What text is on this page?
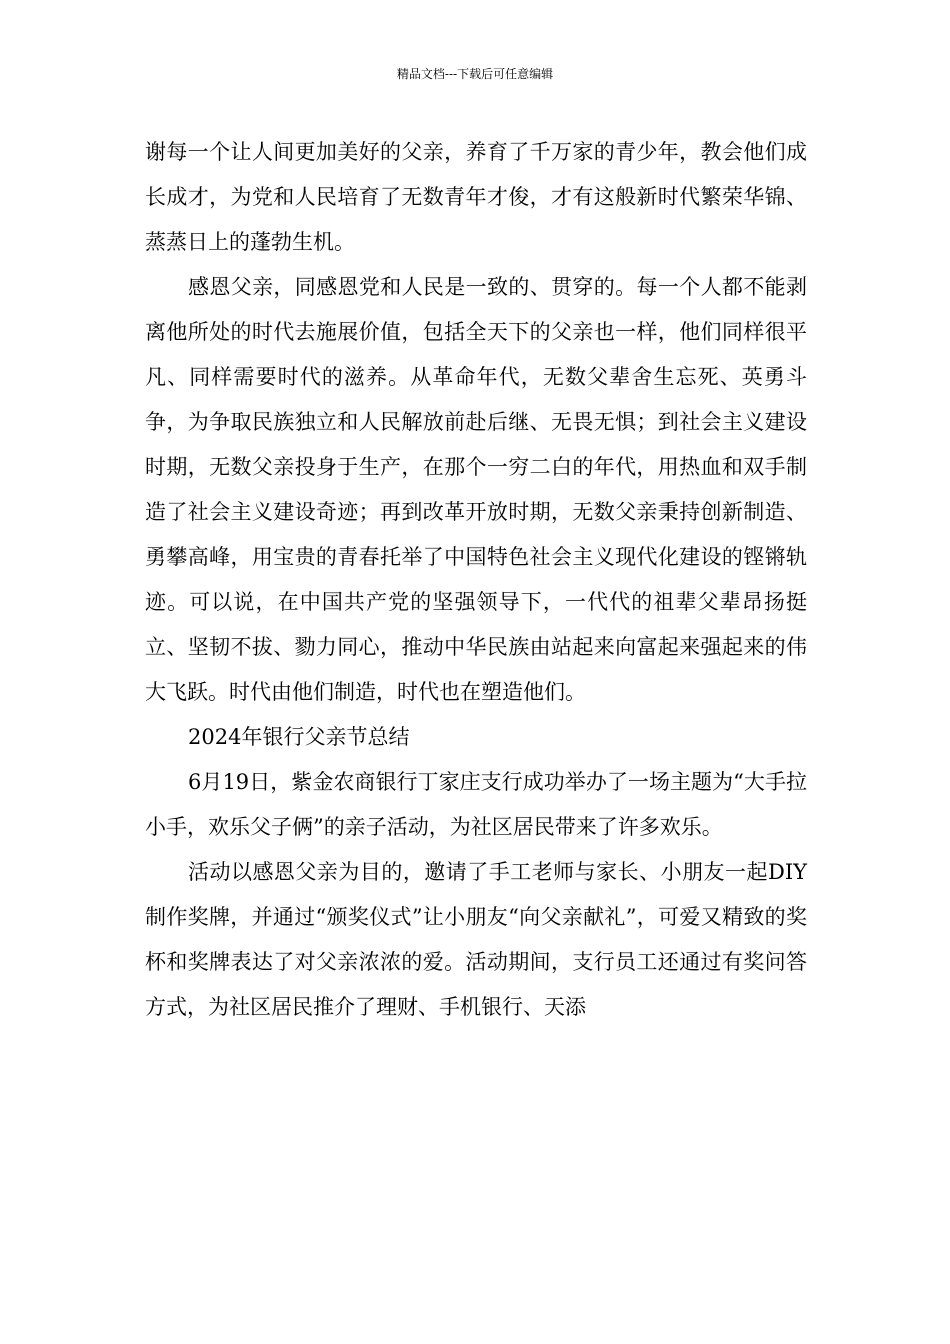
精品文档---下载后可任意编辑

谢每一个让人间更加美好的父亲，养育了千万家的青少年，教会他们成长成才，为党和人民培育了无数青年才俊，才有这般新时代繁荣华锦、蒸蒸日上的蓬勃生机。

感恩父亲，同感恩党和人民是一致的、贯穿的。每一个人都不能剥离他所处的时代去施展价值，包括全天下的父亲也一样，他们同样很平凡、同样需要时代的滋养。从革命年代，无数父辈舍生忘死、英勇斗争，为争取民族独立和人民解放前赴后继、无畏无惧；到社会主义建设时期，无数父亲投身于生产，在那个一穷二白的年代，用热血和双手制造了社会主义建设奇迹；再到改革开放时期，无数父亲秉持创新制造、勇攀高峰，用宝贵的青春托举了中国特色社会主义现代化建设的铿锵轨迹。可以说，在中国共产党的坚强领导下，一代代的祖辈父辈昂扬挺立、坚韧不拔、勠力同心，推动中华民族由站起来向富起来强起来的伟大飞跃。时代由他们制造，时代也在塑造他们。

2024年银行父亲节总结

6月19日，紫金农商银行丁家庄支行成功举办了一场主题为“大手拉小手，欢乐父子俩”的亲子活动，为社区居民带来了许多欢乐。

活动以感恩父亲为目的，邀请了手工老师与家长、小朋友一起DIY制作奖牌，并通过“颁奖仪式”让小朋友“向父亲献礼”，可爱又精致的奖杯和奖牌表达了对父亲浓浓的爱。活动期间，支行员工还通过有奖问答方式，为社区居民推介了理财、手机银行、天添
